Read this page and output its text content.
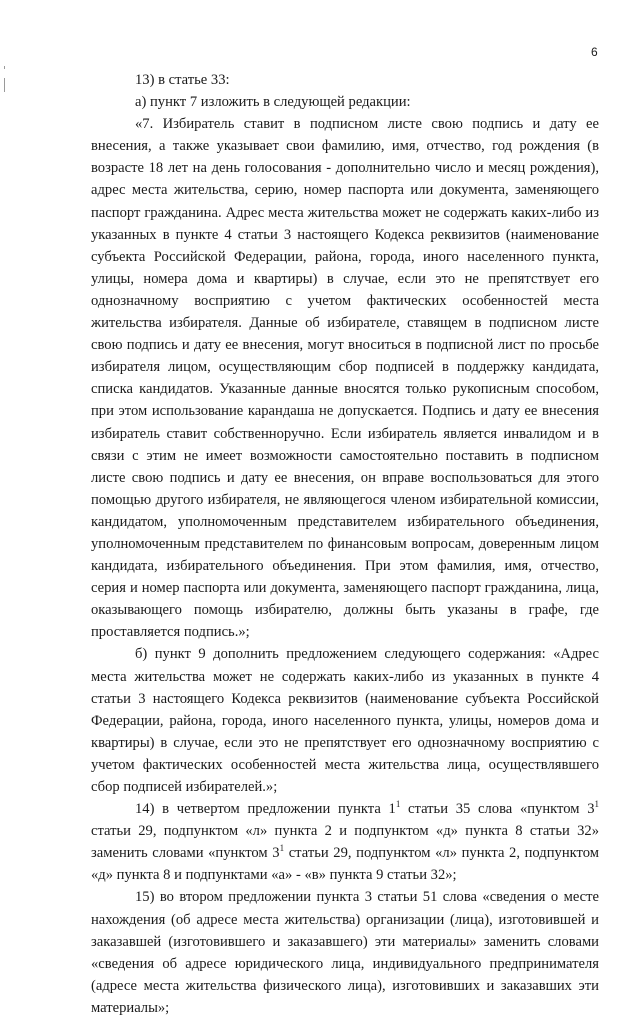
6

13) в статье 33:

а) пункт 7 изложить в следующей редакции:

«7. Избиратель ставит в подписном листе свою подпись и дату ее внесения, а также указывает свои фамилию, имя, отчество, год рождения (в возрасте 18 лет на день голосования - дополнительно число и месяц рождения), адрес места жительства, серию, номер паспорта или документа, заменяющего паспорт гражданина. Адрес места жительства может не содержать каких-либо из указанных в пункте 4 статьи 3 настоящего Кодекса реквизитов (наименование субъекта Российской Федерации, района, города, иного населенного пункта, улицы, номера дома и квартиры) в случае, если это не препятствует его однозначному восприятию с учетом фактических особенностей места жительства избирателя. Данные об избирателе, ставящем в подписном листе свою подпись и дату ее внесения, могут вноситься в подписной лист по просьбе избирателя лицом, осуществляющим сбор подписей в поддержку кандидата, списка кандидатов. Указанные данные вносятся только рукописным способом, при этом использование карандаша не допускается. Подпись и дату ее внесения избиратель ставит собственноручно. Если избиратель является инвалидом и в связи с этим не имеет возможности самостоятельно поставить в подписном листе свою подпись и дату ее внесения, он вправе воспользоваться для этого помощью другого избирателя, не являющегося членом избирательной комиссии, кандидатом, уполномоченным представителем избирательного объединения, уполномоченным представителем по финансовым вопросам, доверенным лицом кандидата, избирательного объединения. При этом фамилия, имя, отчество, серия и номер паспорта или документа, заменяющего паспорт гражданина, лица, оказывающего помощь избирателю, должны быть указаны в графе, где проставляется подпись.»;

б) пункт 9 дополнить предложением следующего содержания: «Адрес места жительства может не содержать каких-либо из указанных в пункте 4 статьи 3 настоящего Кодекса реквизитов (наименование субъекта Российской Федерации, района, города, иного населенного пункта, улицы, номеров дома и квартиры) в случае, если это не препятствует его однозначному восприятию с учетом фактических особенностей места жительства лица, осуществлявшего сбор подписей избирателей.»;

14) в четвертом предложении пункта $1^1$ статьи 35 слова «пунктом $3^1$ статьи 29, подпунктом «л» пункта 2 и подпунктом «д» пункта 8 статьи 32» заменить словами «пунктом $3^1$ статьи 29, подпунктом «л» пункта 2, подпунктом «д» пункта 8 и подпунктами «а» - «в» пункта 9 статьи 32»;

15) во втором предложении пункта 3 статьи 51 слова «сведения о месте нахождения (об адресе места жительства) организации (лица), изготовившей и заказавшей (изготовившего и заказавшего) эти материалы» заменить словами «сведения об адресе юридического лица, индивидуального предпринимателя (адресе места жительства физического лица), изготовивших и заказавших эти материалы»;
